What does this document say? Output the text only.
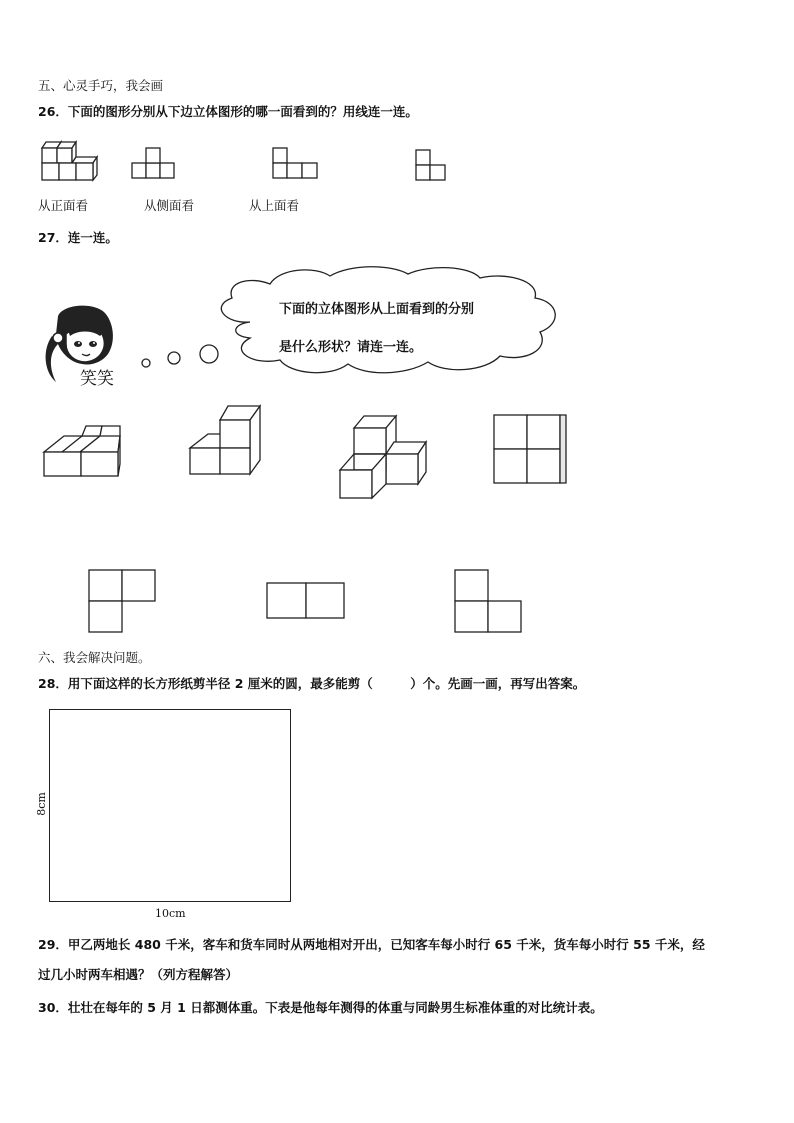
五、心灵手巧，我会画
26．下面的图形分别从下边立体图形的哪一面看到的？用线连一连。
从正面看	从侧面看	从上面看
27．连一连。
笑笑
下面的立体图形从上面看到的分别
是什么形状？请连一连。
六、我会解决问题。
28．用下面这样的长方形纸剪半径 2 厘米的圆，最多能剪（　　　）个。先画一画，再写出答案。
8cm
10cm
29．甲乙两地长 480 千米，客车和货车同时从两地相对开出，已知客车每小时行 65 千米，货车每小时行 55 千米，经
过几小时两车相遇？（列方程解答）
30．壮壮在每年的 5 月 1 日都测体重。下表是他每年测得的体重与同龄男生标准体重的对比统计表。
